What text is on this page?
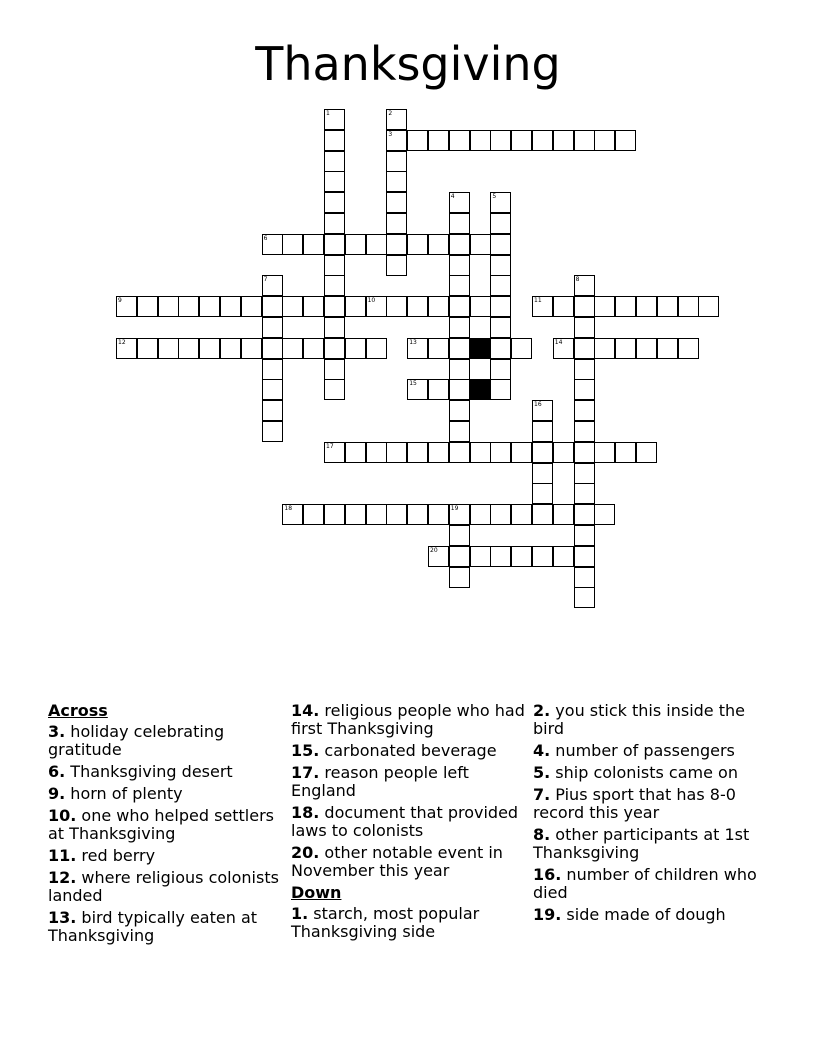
Thanksgiving
1	2
3
4	5
6
7	8
9	10	11
12	13	14
15
16
17
18	19
20
Across
3. holiday celebrating gratitude
6. Thanksgiving desert
9. horn of plenty
10. one who helped settlers at Thanksgiving
11. red berry
12. where religious colonists landed
13. bird typically eaten at Thanksgiving
14. religious people who had first Thanksgiving
15. carbonated beverage
17. reason people left England
18. document that provided laws to colonists
20. other notable event in November this year
Down
1. starch, most popular Thanksgiving side
2. you stick this inside the bird
4. number of passengers
5. ship colonists came on
7. Pius sport that has 8-0 record this year
8. other participants at 1st Thanksgiving
16. number of children who died
19. side made of dough
